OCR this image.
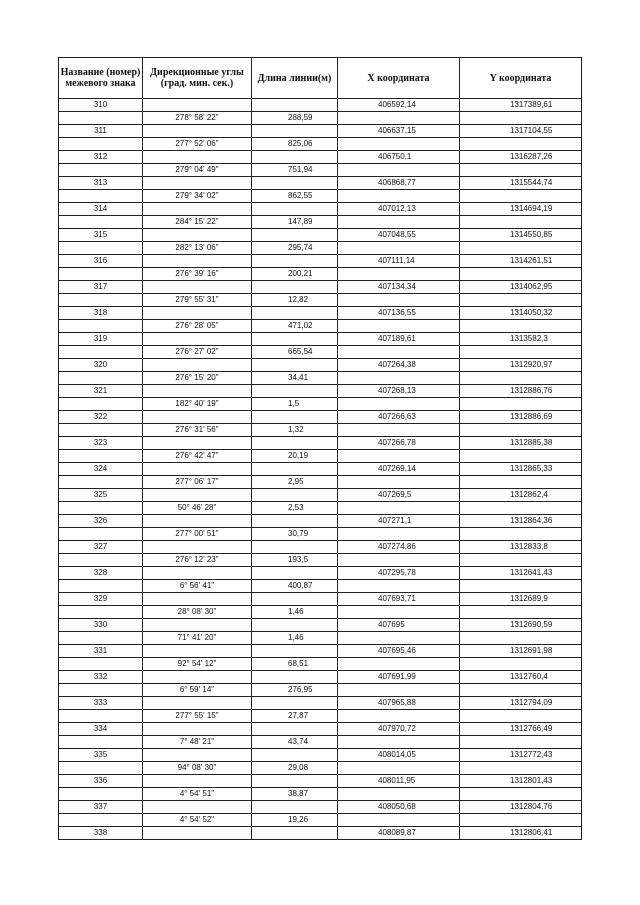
Название (номер) межевого знака	Дирекционные углы (град. мин. сек.)	Длина линии(м)	X координата	Y координата
310			406592,14	1317389,61
	278° 58' 22"	288,59		
311			406637,15	1317104,55
	277° 52' 06"	825,06		
312			406750,1	1316287,26
	279° 04' 49"	751,94		
313			406868,77	1315544,74
	279° 34' 02"	862,55		
314			407012,13	1314694,19
	284° 15' 22"	147,89		
315			407048,55	1314550,85
	282° 13' 06"	295,74		
316			407111,14	1314261,51
	276° 39' 16"	200,21		
317			407134,34	1314062,95
	279° 55' 31"	12,82		
318			407136,55	1314050,32
	276° 28' 05"	471,02		
319			407189,61	1313582,3
	276° 27' 02"	665,54		
320			407264,38	1312920,97
	276° 15' 20"	34,41		
321			407268,13	1312886,76
	182° 40' 19"	1,5		
322			407266,63	1312886,69
	276° 31' 56"	1,32		
323			407266,78	1312885,38
	276° 42' 47"	20,19		
324			407269,14	1312865,33
	277° 06' 17"	2,95		
325			407269,5	1312862,4
	50° 46' 28"	2,53		
326			407271,1	1312864,36
	277° 00' 51"	30,79		
327			407274,86	1312833,8
	276° 12' 23"	193,5		
328			407295,78	1312641,43
	6° 56' 41"	400,87		
329			407693,71	1312689,9
	28° 08' 30"	1,46		
330			407695	1312690,59
	71° 41' 20"	1,46		
331			407695,46	1312691,98
	92° 54' 12"	68,51		
332			407691,99	1312760,4
	6° 59' 14"	276,95		
333			407965,88	1312794,09
	277° 55' 15"	27,87		
334			407970,72	1312766,49
	7° 48' 21"	43,74		
335			408014,05	1312772,43
	94° 08' 30"	29,08		
336			408011,95	1312801,43
	4° 54' 51"	38,87		
337			408050,68	1312804,76
	4° 54' 52"	19,26		
338			408089,87	1312806,41
